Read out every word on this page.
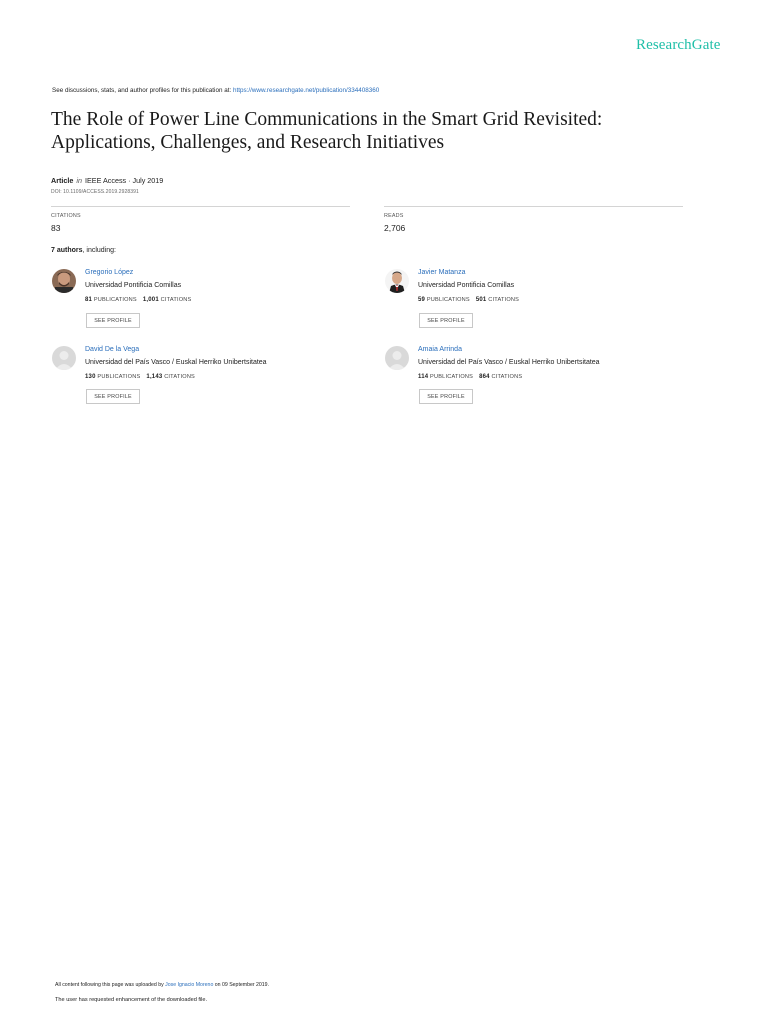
ResearchGate
See discussions, stats, and author profiles for this publication at: https://www.researchgate.net/publication/334408360
The Role of Power Line Communications in the Smart Grid Revisited:
Applications, Challenges, and Research Initiatives
Article in IEEE Access · July 2019
DOI: 10.1109/ACCESS.2019.2928391
CITATIONS
83
READS
2,706
7 authors, including:
Gregorio López
Universidad Pontificia Comillas
81 PUBLICATIONS 1,001 CITATIONS
SEE PROFILE
Javier Matanza
Universidad Pontificia Comillas
59 PUBLICATIONS 501 CITATIONS
SEE PROFILE
David De la Vega
Universidad del País Vasco / Euskal Herriko Unibertsitatea
130 PUBLICATIONS 1,143 CITATIONS
SEE PROFILE
Amaia Arrinda
Universidad del País Vasco / Euskal Herriko Unibertsitatea
114 PUBLICATIONS 864 CITATIONS
SEE PROFILE
All content following this page was uploaded by Jose Ignacio Moreno on 09 September 2019.
The user has requested enhancement of the downloaded file.
